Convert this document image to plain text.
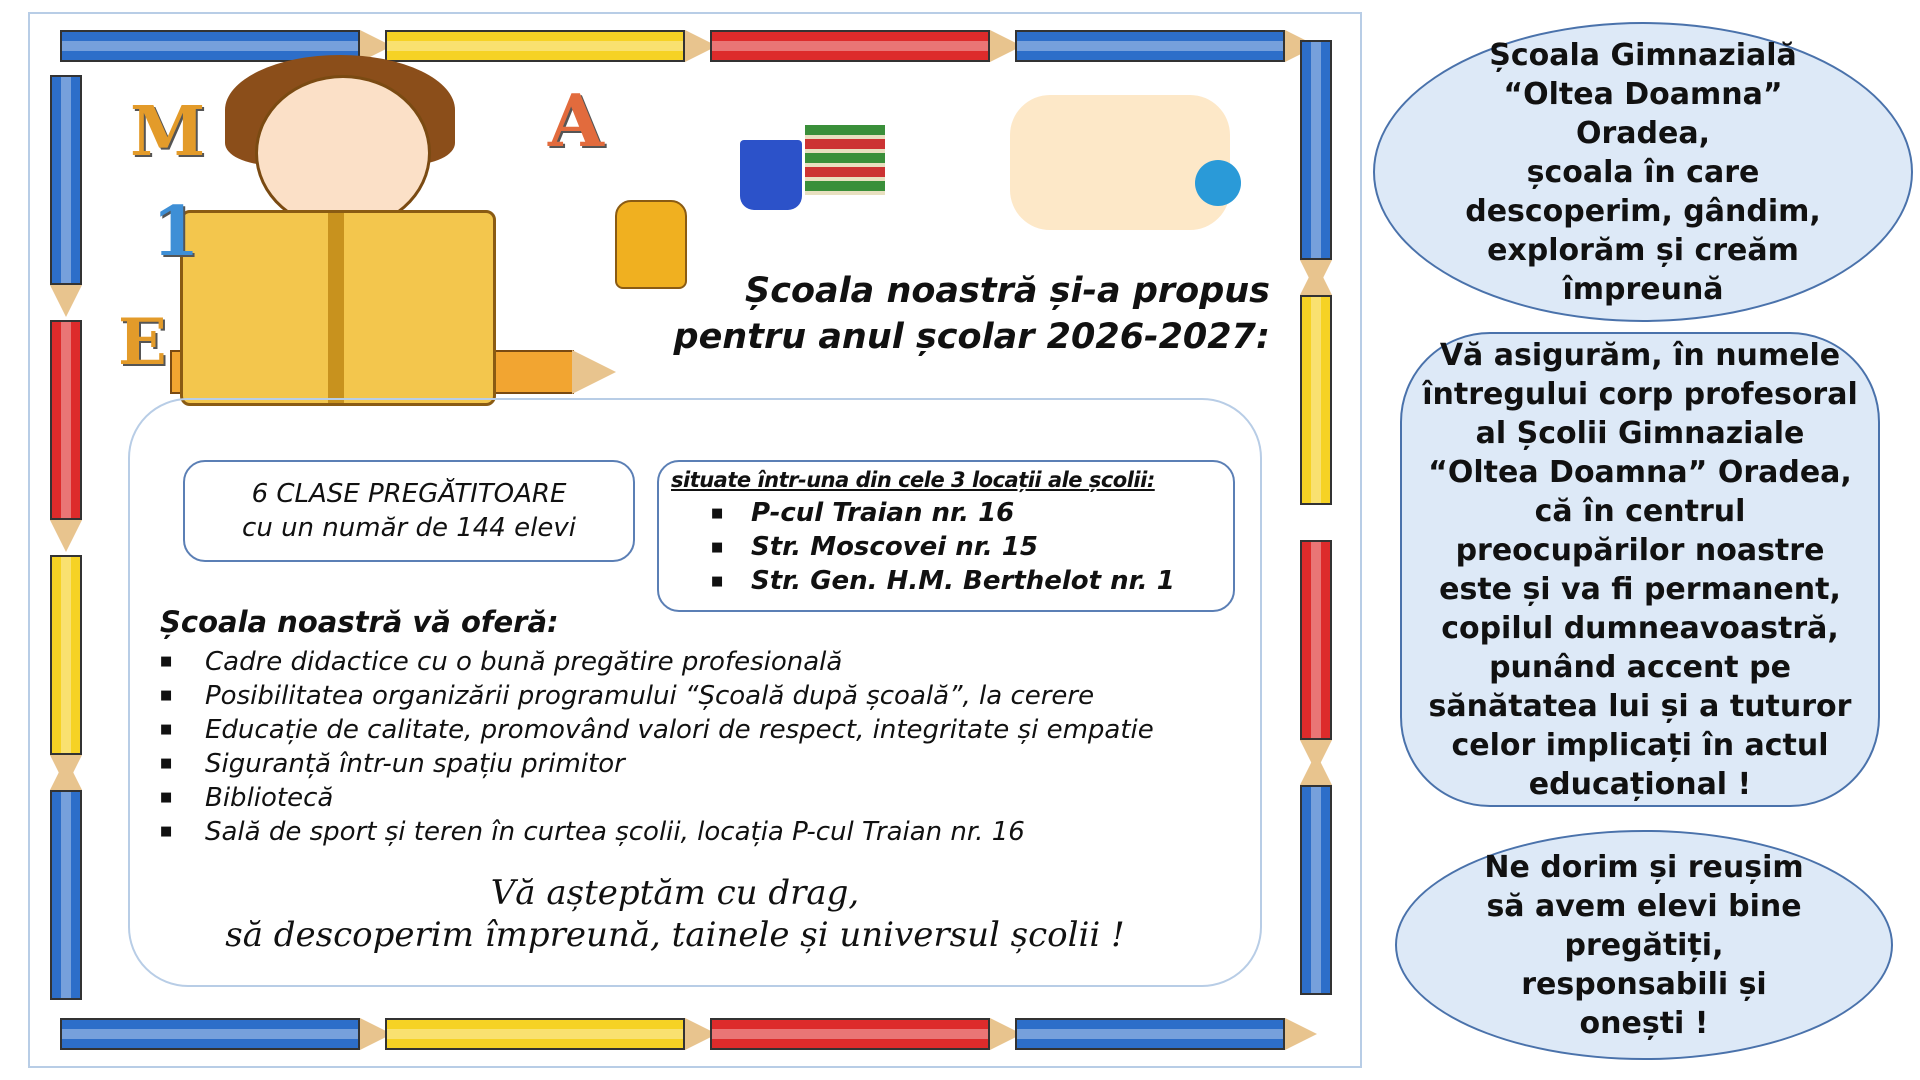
M	A
1
E
Școala noastră și-a propus
pentru anul școlar 2026-2027:
6 CLASE PREGĂTITOARE
cu un număr de 144 elevi
situate într-una din cele 3 locații ale școlii:
■ P-cul Traian nr. 16
■ Str. Moscovei nr. 15
■ Str. Gen. H.M. Berthelot nr. 1
Școala noastră vă oferă:
■ Cadre didactice cu o bună pregătire profesională
■ Posibilitatea organizării programului “Școală după școală”, la cerere
■ Educație de calitate, promovând valori de respect, integritate și empatie
■ Siguranță într-un spațiu primitor
■ Bibliotecă
■ Sală de sport și teren în curtea școlii, locația P-cul Traian nr. 16
Vă așteptăm cu drag,
să descoperim împreună, tainele și universul școlii !
Școala Gimnazială
“Oltea Doamna”
Oradea,
școala în care
descoperim, gândim,
explorăm și creăm
împreună
Vă asigurăm, în numele
întregului corp profesoral
al Școlii Gimnaziale
“Oltea Doamna” Oradea,
că în centrul
preocupărilor noastre
este și va fi permanent,
copilul dumneavoastră,
punând accent pe
sănătatea lui și a tuturor
celor implicați în actul
educațional !
Ne dorim și reușim
să avem elevi bine
pregătiți,
responsabili și
onești !
